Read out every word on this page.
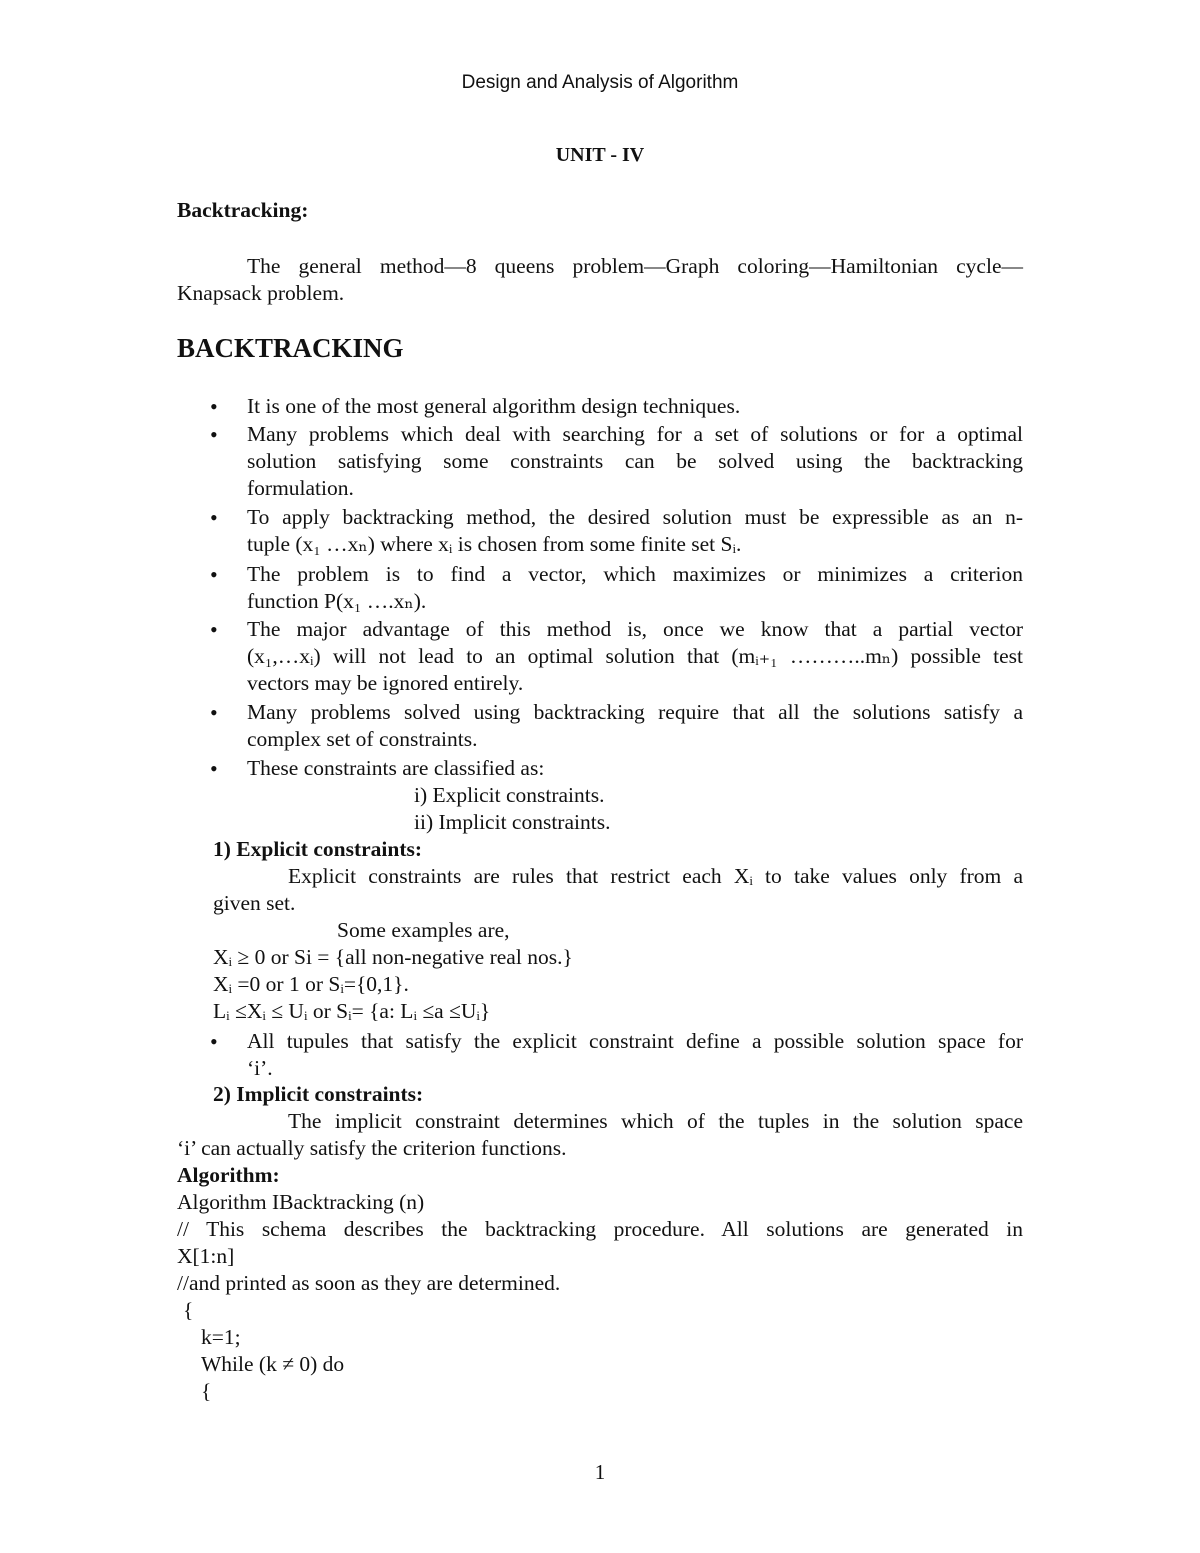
Design and Analysis of Algorithm
UNIT - IV
Backtracking:
The general method—8 queens problem—Graph coloring—Hamiltonian cycle—
Knapsack problem.
BACKTRACKING
• It is one of the most general algorithm design techniques.
• Many problems which deal with searching for a set of solutions or for a optimal
solution satisfying some constraints can be solved using the backtracking
formulation.
• To apply backtracking method, the desired solution must be expressible as an n-
tuple (x₁ …xₙ) where xᵢ is chosen from some finite set Sᵢ.
• The problem is to find a vector, which maximizes or minimizes a criterion
function P(x₁ ….xₙ).
• The major advantage of this method is, once we know that a partial vector
(x₁,…xᵢ) will not lead to an optimal solution that (mᵢ₊₁ ………..mₙ) possible test
vectors may be ignored entirely.
• Many problems solved using backtracking require that all the solutions satisfy a
complex set of constraints.
• These constraints are classified as:
i) Explicit constraints.
ii) Implicit constraints.
1) Explicit constraints:
Explicit constraints are rules that restrict each Xᵢ to take values only from a
given set.
Some examples are,
Xᵢ ≥ 0 or Si = {all non-negative real nos.}
Xᵢ =0 or 1 or Sᵢ={0,1}.
Lᵢ ≤Xᵢ ≤ Uᵢ or Sᵢ= {a: Lᵢ ≤a ≤Uᵢ}
• All tupules that satisfy the explicit constraint define a possible solution space for
‘i’.
2) Implicit constraints:
The implicit constraint determines which of the tuples in the solution space
‘i’ can actually satisfy the criterion functions.
Algorithm:
Algorithm IBacktracking (n)
// This schema describes the backtracking procedure. All solutions are generated in
X[1:n]
//and printed as soon as they are determined.
{
k=1;
While (k ≠ 0) do
{
1
